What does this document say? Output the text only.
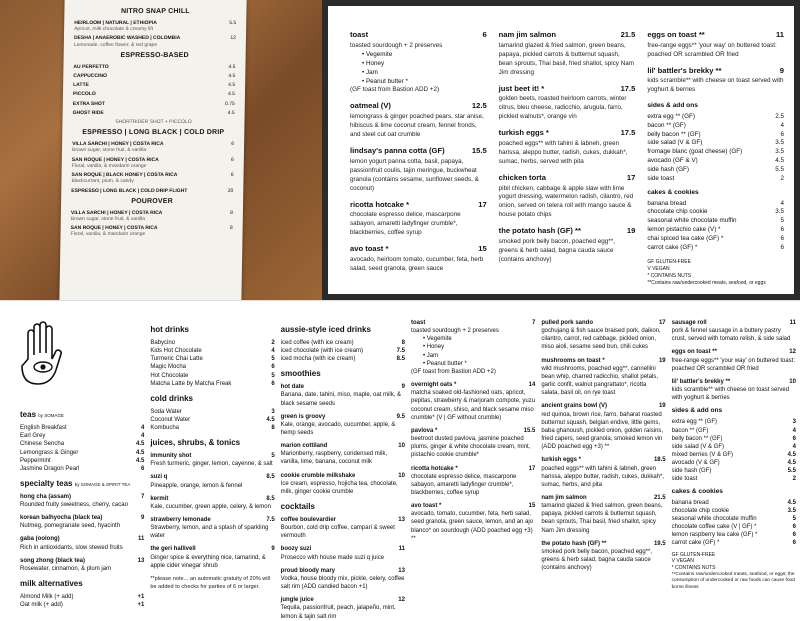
NITRO SNAP CHILL
HEIRLOOM | NATURAL | ETHIOPIA	5.5
Apricot, milk chocolate & creamy lift
DESHA | ANAEROBIC WASHED | COLOMBIA	12
Lemonade, coffee flower, & red grape
ESPRESSO-BASED
AU PERFETTO	4.5
CAPPUCCINO	4.5
LATTE	4.5
PICCOLO	4.5
EXTRA SHOT	0.75
GHOST RIDE	4.5
SHORTRIDER SHOT + PICCOLO
ESPRESSO | LONG BLACK | COLD DRIP
VILLA SARCHI | HONEY | COSTA RICA	6
Brown sugar, stone fruit, & vanilla
SAN ROQUE | HONEY | COSTA RICA	6
Floral, vanilla, & mandarin orange
SAN ROQUE | BLACK HONEY | COSTA RICA	6
Blackcurrant, plum, & candy
ESPRESSO | LONG BLACK | COLD DRIP FLIGHT	20
POUROVER
VILLA SARCHI | HONEY | COSTA RICA	8
Brown sugar, stone fruit, & vanilla
SAN ROQUE | HONEY | COSTA RICA	8
Floral, vanilla, & mandarin orange
toast	6
toasted sourdough + 2 preserves
• Vegemite
• Honey
• Jam
• Peanut butter *
(GF toast from Bastion ADD +2)
oatmeal (V)	12.5
lemongrass & ginger poached pears, star anise, hibiscus & lime coconut cream, fennel fronds, and steel cut oat crumble
lindsay's panna cotta (GF)	15.5
lemon yogurt panna cotta, basil, papaya, passionfruit coulis, tajin meringue, buckwheat granola (contains sesame, sunflower seeds, & coconut)
ricotta hotcake *	17
chocolate espresso delice, mascarpone sabayon, amaretti ladyfinger crumble*, blackberries, coffee syrup
avo toast *	15
avocado, heirloom tomato, cucumber, feta, herb salad, seed granola, green sauce
nam jim salmon	21.5
tamarind glazed & fried salmon, green beans, papaya, pickled carrots & butternut squash, bean sprouts, Thai basil, fried shallot, spicy Nam Jim dressing
just beet it! *	17.5
golden beets, roasted heirloom carrots, winter citrus, bleu cheese, radicchio, arugula, farro, pickled walnuts*, orange vin
turkish eggs *	17.5
poached eggs** with tahini & labneh, green harissa, aleppo butter, radish, cukes, dukkah*, sumac, herbs, served with pita
chicken torta	17
pibil chicken, cabbage & apple slaw with lime yogurt dressing, watermelon radish, cilantro, red onion, served on telera roll with mango sauce & house potato chips
the potato hash (GF) **	19
smoked pork belly bacon, poached egg**, greens & herb salad, bagna cauda sauce (contains anchovy)
eggs on toast **	11
free-range eggs** 'your way' on buttered toast: poached OR scrambled OR fried
lil' battler's brekky **	9
kids scramble** with cheese on toast served with yoghurt & berries
sides & add ons
extra egg ** (GF)	2.5
bacon ** (GF)	4
belly bacon ** (GF)	6
side salad (V & GF)	3.5
fromage blanc (goat cheese) (GF)	3.5
avocado (GF & V)	4.5
side hash (GF)	5.5
side toast	2
cakes & cookies
banana bread	4
chocolate chip cookie	3.5
seasonal white chocolate muffin	5
lemon pistachio cake (V) *	6
chai spiced tea cake (GF) *	6
carrot cake (GF) *	6
GF GLUTEN-FREE
V VEGAN
* CONTAINS NUTS
**Contains raw/undercooked meats, seafood, or eggs
teas by SOMAGE
English Breakfast	4
Earl Grey	4
Chinese Sencha	4.5
Lemongrass & Ginger	4.5
Peppermint	4.5
Jasmine Dragon Pearl	6
specialty teas by SOMAGE & SPIRIT TEA
hong cha (assam)	7
Rounded fruity sweetness, cherry, cacao
korean balhyocha (black tea)	9
Nutmeg, pomegranate seed, hyacinth
gaba (oolong)	11
Rich in antioxidants, slow stewed fruits
song zhong (black tea)	13
Rosewater, cinnamon, & plum jam
milk alternatives
Almond Milk (+ add)	+1
Oat milk (+ add)	+1
hot drinks
Babycino	2
Kids Hot Chocolate	4
Turmeric Chai Latte	5
Magic Mocha	6
Hot Chocolate	5
Matcha Latte by Matcha Freak	6
cold drinks
Soda Water	3
Coconut Water	4.5
Kombucha	8
juices, shrubs, & tonics
immunity shot	5
Fresh turmeric, ginger, lemon, cayenne, & salt
suzi q	8.5
Pineapple, orange, lemon & fennel
kermit	8.5
Kale, cucumber, green apple, celery, & lemon
strawberry lemonade	7.5
Strawberry, lemon, and a splash of sparkling water
the geri hallivell	9
Ginger spice & everything nice, tamarind, & apple cider vinegar shrub
**please note... an automatic gratuity of 20% will be added to checks for parties of 6 or larger.
aussie-style iced drinks
iced coffee (with ice cream)	8
iced chocolate (with ice cream)	7.5
iced mocha (with ice cream)	8.5
smoothies
hot date	9
Banana, date, tahini, miso, maple, oat milk, & black sesame seeds
green is groovy	9.5
Kale, orange, avocado, cucumber, apple, & hemp seeds
marion cottiland	10
Marionberry, raspberry, condensed milk, vanilla, lime, banana, coconut milk
cookie crumble milkshake	10
Ice cream, espresso, hojicha tea, chocolate, milk, ginger cookie crumble
cocktails
coffee boulevardier	13
Bourbon, cold drip coffee, campari & sweet vermouth
boozy suzi	11
Prosecco with house made suzi q juice
proud bloody mary	13
Vodka, house bloody mix, pickle, celery, coffee salt rim (ADD candied bacon +1)
jungle juice	12
Tequila, passionfruit, peach, jalapeño, mint, lemon & tajin salt rim
toast	7
toasted sourdough + 2 preserves
• Vegemite
• Honey
• Jam
• Peanut butter *
(GF toast from Bastion ADD +2)
overnight oats *	14
matcha soaked old-fashioned oats, apricot, pepitas, strawberry & marjoram compote, yuzu coconut cream, shiso, and black sesame miso crumble* (V | GF without crumble)
pavlova *	15.5
beetroot dusted pavlova, jasmine poached plums, ginger & white chocolate cream, mint, pistachio cookie crumble*
ricotta hotcake *	17
chocolate espresso delice, mascarpone sabayon, amaretti ladyfinger crumble*, blackberries, coffee syrup
avo toast *	15
avocado, tomato, cucumber, feta, herb salad, seed granola, green sauce, lemon, and an ajo blanco* on sourdough (ADD poached egg +3) **
pulled pork sando	17
gochujang & fish sauce braised pork, daikon, cilantro, carrot, red cabbage, pickled onion, miso aioli, sesame seed bun, chili cukes
mushrooms on toast *	19
wild mushrooms, poached egg**, cannellini bean whip, charred radicchio, shallot petals, garlic confit, walnut pangrattato*, ricotta salata, basil oil, on rye toast
ancient grains bowl (V)	19
red quinoa, brown rice, farro, baharat roasted butternut squash, belgian endive, little gems, baba ghanoush, pickled onion, golden raisins, fried capers, seed granola, smoked lemon vin (ADD poached egg +3) **
turkish eggs *	18.5
poached eggs** with tahini & labneh, green harissa, aleppo butter, radish, cukes, dukkah*, sumac, herbs, and pita
nam jim salmon	21.5
tamarind glazed & fried salmon, green beans, papaya, pickled carrots & butternut squash, bean sprouts, Thai basil, fried shallot, spicy Nam Jim dressing
the potato hash (GF) **	19.5
smoked pork belly bacon, poached egg**, greens & herb salad, bagna cauda sauce (contains anchovy)
sausage roll	11
pork & fennel sausage in a buttery pastry crust, served with tomato relish, & side salad
eggs on toast **	12
free-range eggs** 'your way' on buttered toast: poached OR scrambled OR fried
lil' battler's brekky **	10
kids scramble** with cheese on toast served with yoghurt & berries
sides & add ons
extra egg ** (GF)	3
bacon ** (GF)	4
belly bacon ** (GF)	6
side salad (V & GF)	4
mixed berries (V & GF)	4.5
avocado (V & GF)	4.5
side hash (GF)	5.5
side toast	2
cakes & cookies
banana bread	4.5
chocolate chip cookie	3.5
seasonal white chocolate muffin	5
chocolate coffee cake (V | GF) *	6
lemon raspberry tea cake (GF) *	6
carrot cake (GF) *	6
GF GLUTEN-FREE
V VEGAN
* CONTAINS NUTS
**Contains raw/undercooked meats, seafood, or eggs; the consumption of undercooked or raw foods can cause food borne illness
